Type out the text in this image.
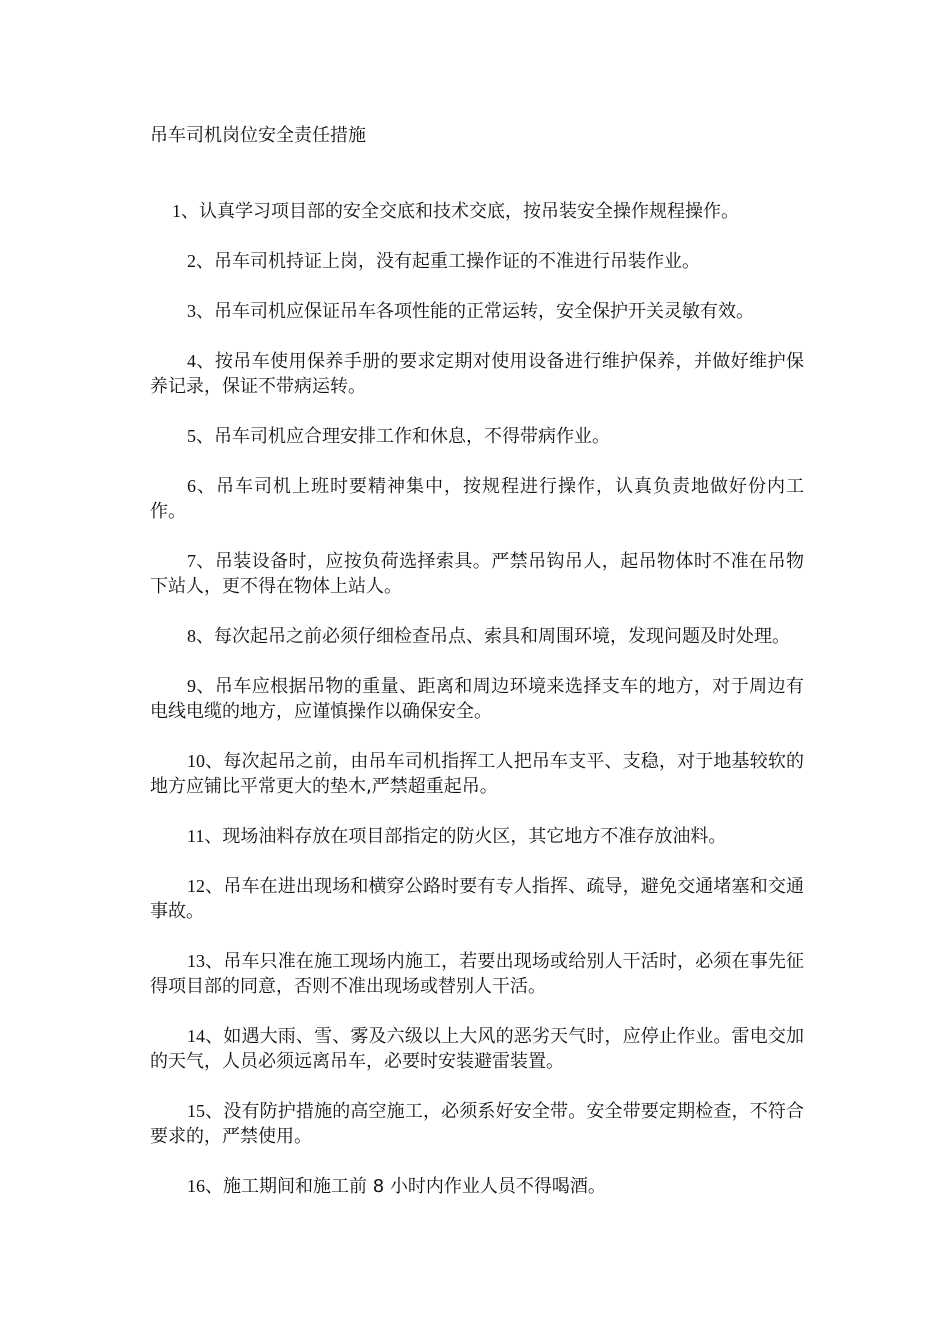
吊车司机岗位安全责任措施

1、认真学习项目部的安全交底和技术交底，按吊装安全操作规程操作。

2、吊车司机持证上岗，没有起重工操作证的不准进行吊装作业。

3、吊车司机应保证吊车各项性能的正常运转，安全保护开关灵敏有效。

4、按吊车使用保养手册的要求定期对使用设备进行维护保养，并做好维护保养记录，保证不带病运转。

5、吊车司机应合理安排工作和休息，不得带病作业。

6、吊车司机上班时要精神集中，按规程进行操作，认真负责地做好份内工作。

7、吊装设备时，应按负荷选择索具。严禁吊钩吊人，起吊物体时不准在吊物下站人，更不得在物体上站人。

8、每次起吊之前必须仔细检查吊点、索具和周围环境，发现问题及时处理。

9、吊车应根据吊物的重量、距离和周边环境来选择支车的地方，对于周边有电线电缆的地方，应谨慎操作以确保安全。

10、每次起吊之前，由吊车司机指挥工人把吊车支平、支稳，对于地基较软的地方应铺比平常更大的垫木,严禁超重起吊。

11、现场油料存放在项目部指定的防火区，其它地方不准存放油料。

12、吊车在进出现场和横穿公路时要有专人指挥、疏导，避免交通堵塞和交通事故。

13、吊车只准在施工现场内施工，若要出现场或给别人干活时，必须在事先征得项目部的同意，否则不准出现场或替别人干活。

14、如遇大雨、雪、雾及六级以上大风的恶劣天气时，应停止作业。雷电交加的天气，人员必须远离吊车，必要时安装避雷装置。

15、没有防护措施的高空施工，必须系好安全带。安全带要定期检查，不符合要求的，严禁使用。

16、施工期间和施工前 8 小时内作业人员不得喝酒。
